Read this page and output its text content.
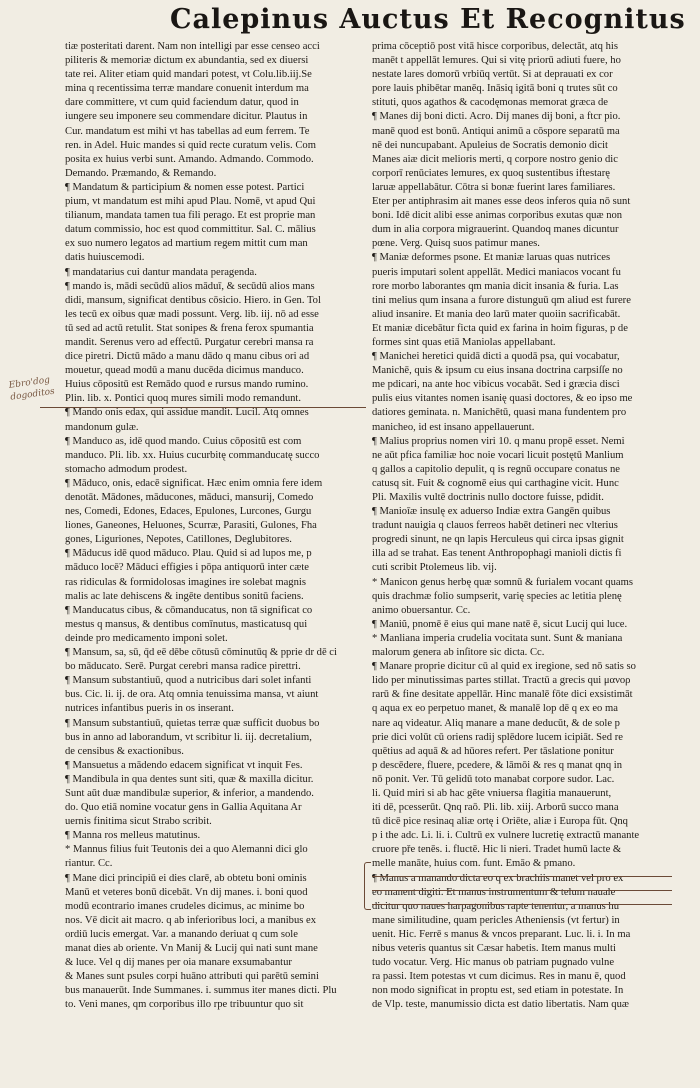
Calepinus Auctus Et Recognitus
tiæ posteritati darent. Nam non intelligi par esse censeo acci
piliteris & memoriæ dictum ex abundantia, sed ex diuersi
tate rei. Aliter etiam quid mandari potest, vt Colu.lib.iij.Se
mina q recentissima terræ mandare conuenit interdum ma
dare committere, vt cum quid faciendum datur, quod in
iungere seu imponere seu commendare dicitur. Plautus in
Cur. mandatum est mihi vt has tabellas ad eum ferrem. Te
ren. in Adel. Huic mandes si quid recte curatum velis. Com
posita ex huius verbi sunt. Amando. Admando. Commodo.
Demando. Præmando, & Remando.
¶ Mandatum & participium & nomen esse potest. Partici
pium, vt mandatum est mihi apud Plau. Nomē, vt apud Qui
tilianum, mandata tamen tua fili perago. Et est proprie man
datum commissio, hoc est quod committitur. Sal. C. mālius
ex suo numero legatos ad martium regem mittit cum man
datis huiuscemodi.
¶ mandatarius cui dantur mandata peragenda.
¶ mando is, mādi secūdū alios māduī, & secūdū alios mans
didi, mansum, significat dentibus cōsicio. Hiero. in Gen. Tol
les tecū ex oibus quæ madi possunt. Verg. lib. iij. nō ad esse
tū sed ad actū retulit. Stat sonipes & frena ferox spumantia
mandit. Serenus vero ad effectū. Purgatur cerebri mansa ra
dice piretri. Dictū mādo a manu dādo q manu cibus ori ad
mouetur, quead modū a manu ducēda dicimus manduco.
Huius cōpositū est Remādo quod e rursus mando rumino.
Plin. lib. x. Pontici quoq mures simili modo remandunt.
¶ Mando onis edax, qui assidue mandit. Lucil. Atq omnes
mandonum gulæ.
¶ Manduco as, idē quod mando. Cuius cōpositū est com
manduco. Pli. lib. xx. Huius cucurbitę commanducatę succo
stomacho admodum prodest.
¶ Māduco, onis, edacē significat. Hæc enim omnia fere idem
denotāt. Mādones, māducones, māduci, mansurij, Comedo
nes, Comedi, Edones, Edaces, Epulones, Lurcones, Gurgu
liones, Ganeones, Heluones, Scurræ, Parasiti, Gulones, Fha
gones, Liguriones, Nepotes, Catillones, Deglubitores.
¶ Māducus idē quod māduco. Plau. Quid si ad lupos me, p
māduco locē? Māduci effigies i pōpa antiquorū inter cæte
ras ridiculas & formidolosas imagines ire solebat magnis
malis ac late dehiscens & ingēte dentibus sonitū faciens.
¶ Manducatus cibus, & cōmanducatus, non tā significat co
mestus q mansus, & dentibus comīnutus, masticatusq qui
deinde pro medicamento imponi solet.
¶ Mansum, sa, sū, q̄d eē dēbe cōtusū cōminutūq & pprie dr dē ci
bo māducato. Serē. Purgat cerebri mansa radice pirettri.
¶ Mansum substantiuū, quod a nutricibus dari solet infanti
bus. Cic. li. ij. de ora. Atq omnia tenuissima mansa, vt aiunt
nutrices infantibus pueris in os inserant.
¶ Mansum substantiuū, quietas terræ quæ sufficit duobus bo
bus in anno ad laborandum, vt scribitur li. iij. decretalium,
de censibus & exactionibus.
¶ Mansuetus a mādendo edacem significat vt inquit Fes.
¶ Mandibula in qua dentes sunt siti, quæ & maxilla dicitur.
Sunt aūt duæ mandibulæ superior, & inferior, a mandendo.
do. Quo etiā nomine vocatur gens in Gallia Aquitana Ar
uernis finitima sicut Strabo scribit.
¶ Manna ros melleus matutinus.
* Mannus filius fuit Teutonis dei a quo Alemanni dici glo
riantur. Cc.
¶ Mane dici principiū ei dies clarē, ab obtetu boni ominis
Manū et veteres bonū dicebāt. Vn dij manes. i. boni quod
modū econtrario imanes crudeles dicimus, ac minime bo
nos. Vē dicit ait macro. q ab inferioribus loci, a manibus ex
ordiū lucis emergat. Var. a manando deriuat q cum sole
manat dies ab oriente. Vn Manij & Lucij qui nati sunt mane
& luce. Vel q dij manes per oia manare exsumabantur
& Manes sunt psules corpi huāno attributi qui parētū semini
bus manauerūt. Inde Summanes. i. summus iter manes dicti. Plu
to. Veni manes, qm corporibus illo rpe tribuuntur quo sit
prima cōceptiō post vitā hisce corporibus, delectāt, atq his
manēt t appellāt lemures. Qui si vitę priorū adiuti fuere, ho
nestate lares domorū vrbiūq vertūt. Si at deprauati ex cor
pore lauis phibētar manēq. Ināsiq igitā boni q trutes sūt co
stituti, quos agathos & cacodęmonas memorat græca de
¶ Manes dij boni dicti. Acro. Dij manes dij boni, a ftcr pio.
manē quod est bonū. Antiqui animū a cōspore separatū ma
nē dei nuncupabant. Apuleius de Socratis demonio dicit
Manes aiæ dicit melioris merti, q corpore nostro genio dic
corporī renūciates lemures, ex quoq sustentibus iftestarę
laruæ appellabātur. Cōtra si bonæ fuerint lares familiares.
Eter per antiphrasim ait manes esse deos inferos quia nō sunt
boni. Idē dicit alibi esse animas corporibus exutas quæ non
dum in alia corpora migrauerint. Quandoq manes dicuntur
pœne. Verg. Quisq suos patimur manes.
¶ Maniæ deformes psone. Et maniæ laruas quas nutrices
pueris imputari solent appellāt. Medici maniacos vocant fu
rore morbo laborantes qm mania dicit insania & furia. Las
tini melius qum insana a furore distunguū qm aliud est furere
aliud insanire. Et mania deo larū mater quoiin sacrificabāt.
Et maniæ dicebātur ficta quid ex farina in hoim figuras, p de
formes sint quas etiā Maniolas appellabant.
¶ Manichei heretici quidā dicti a quodā psa, qui vocabatur,
Manichē, quis & ipsum cu eius insana doctrina carpsiſſe no
me pdicari, na ante hoc vibicus vocabāt. Sed i græcia disci
pulis eius vitantes nomen isanię quasi doctores, & eo ipso me
datiores geminata. n. Manichētū, quasi mana fundentem pro
manicheo, id est insano appellauerunt.
¶ Malius proprius nomen viri 10. q manu propē esset. Nemi
ne aūt pfica familiæ hoc noie vocari licuit postętū Manlium
q gallos a capitolio depulit, q is regnū occupare conatus ne
catusq sit. Fuit & cognomē eius qui carthagine vicit. Hunc
Pli. Maxilis vultē doctrinis nullo doctore fuisse, pdidit.
¶ Manioīæ insulę ex aduerso Indiæ extra Gangēn quibus
tradunt nauigia q clauos ferreos habēt detineri nec vlterius
progredi sinunt, ne qn lapis Herculeus qui circa ipsas gignit
illa ad se trahat. Eas tenent Anthropophagi manioli dictis fi
cuti scribit Ptolemeus lib. vij.
* Manicon genus herbę quæ somnū & furialem vocant quams
quis drachmæ folio sumpserit, varię species ac letitia plenę
animo obuersantur. Cc.
¶ Maniũ, pnomē ē eius qui mane natē ē, sicut Lucij qui luce.
* Manliana imperia crudelia vocitata sunt. Sunt & maniana
malorum genera ab inſitore sic dicta. Cc.
¶ Manare proprie dicitur cū al quid ex iregione, sed nō satis so
lido per minutissimas partes stillat. Tractū a grecis qui μανορ
rarū & fine desitate appellār. Hinc manalē fōte dici exsistimāt
q aqua ex eo perpetuo manet, & manalē lop dē q ex eo ma
nare aq videatur. Aliq manare a mane deducūt, & de sole p
prie dici volūt cū oriens radij splēdore lucem icipiāt. Sed re
quētius ad aquā & ad hūores refert. Per tāslatione ponitur
p descēdere, fluere, pcedere, & lāmōi & res q manat qnq in
nō ponit. Ver. Tū gelidū toto manabat corpore sudor. Lac.
li. Quid miri si ab hac gēte vniuersa flagitia manauerunt,
iti dē, pcesserūt. Qnq raō. Pli. lib. xiij. Arborū succo mana
tū dicē pice resinaq aliæ ortę i Oriēte, aliæ i Europa fūt. Qnq
p i the adc. Li. li. i. Cultrū ex vulnere lucretię extractū manante
cruore pře tenēs. i. fluctē. Hic li nieri. Tradet humū lacte &
melle manāte, huius com. funt. Emāo & pmano.
¶ Manus a manando dicta eo q ex brachiis manet vel pro ex
eo manent digiti. Et manus instrumentum & telum nauale
dicitur quo naues harpagonibus rapte tenentur, a manus hu
mane similitudine, quam pericles Atheniensis (vt fertur) in
uenit. Hic. Ferrē s manus & vncos preparant. Luc. li. i. In ma
nibus veteris quantus sit Cæsar habetis. Item manus multi
tudo vocatur. Verg. Hic manus ob patriam pugnado vulne
ra passi. Item potestas vt cum dicimus. Res in manu ē, quod
non modo significat in proptu est, sed etiam in potestate. In
de Vlp. teste, manumissio dicta est datio libertatis. Nam quæ
Ebro'dog dogoditos
